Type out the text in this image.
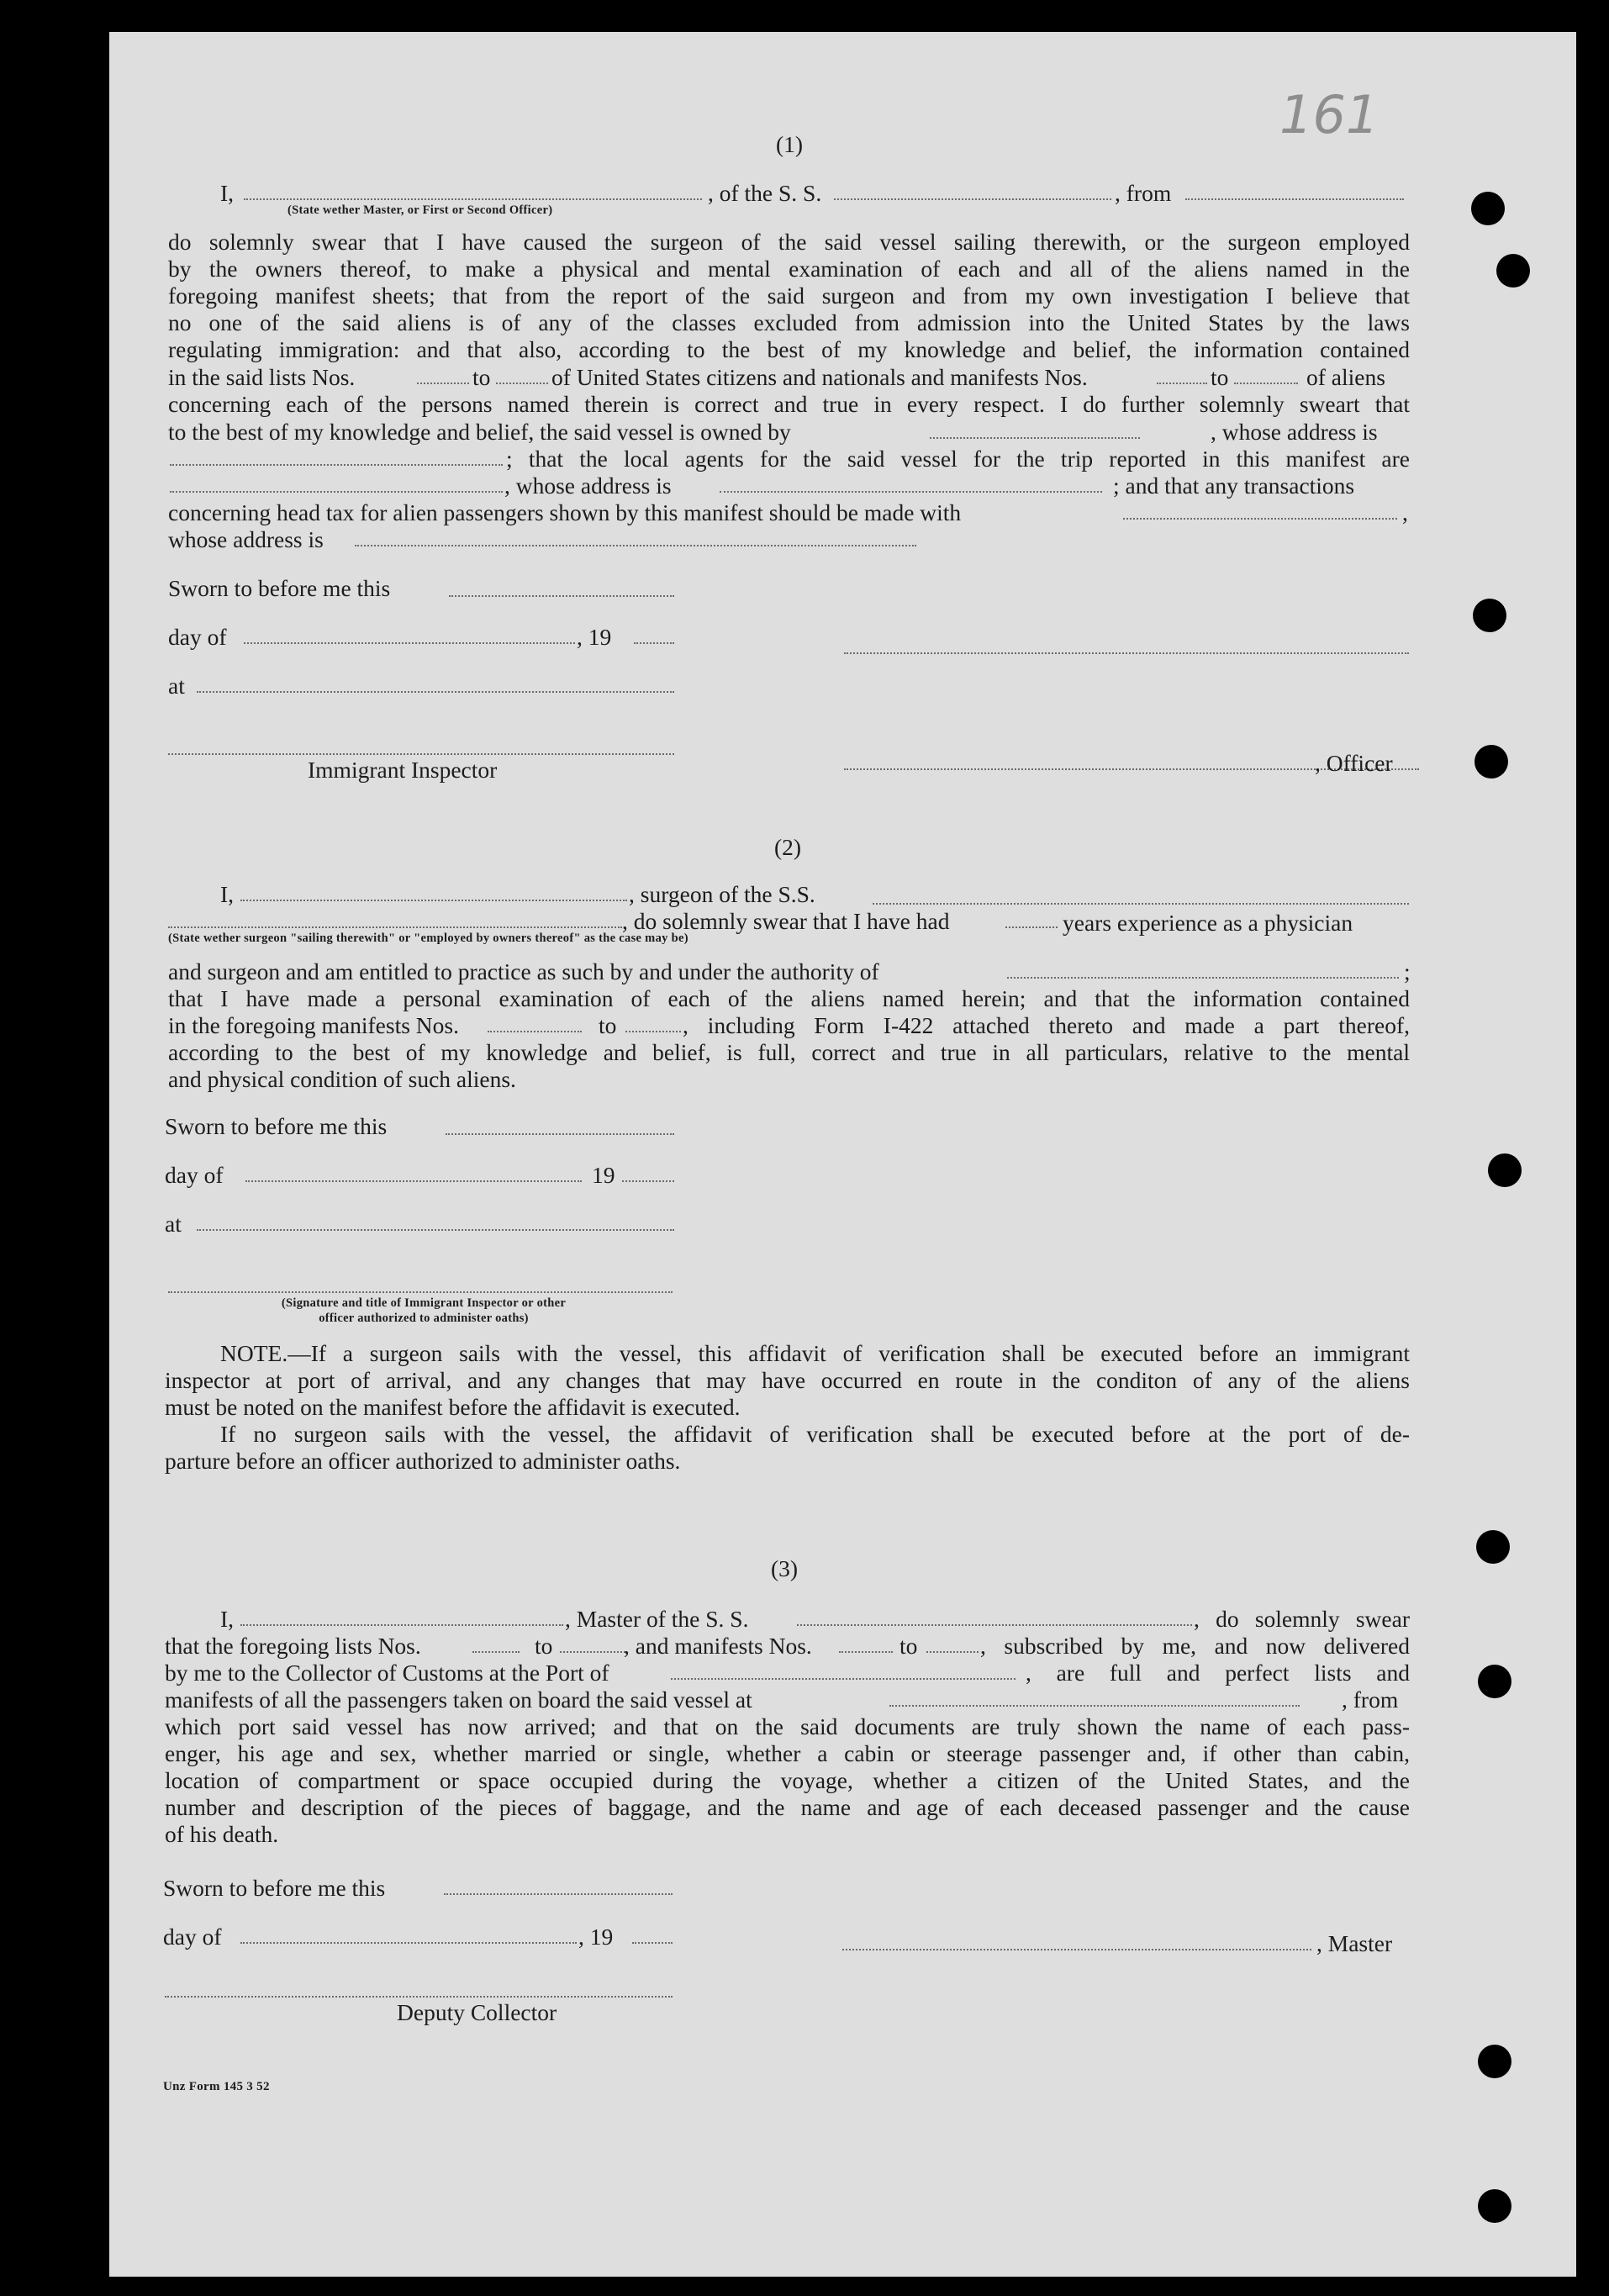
161
(1)
I,	, of the S. S.	, from
(State wether Master, or First or Second Officer)
do solemnly swear that I have caused the surgeon of the said vessel sailing therewith, or the surgeon employed
by the owners thereof, to make a physical and mental examination of each and all of the aliens named in the
foregoing manifest sheets; that from the report of the said surgeon and from my own investigation I believe that
no one of the said aliens is of any of the classes excluded from admission into the United States by the laws
regulating immigration: and that also, according to the best of my knowledge and belief, the information contained
in the said lists Nos.	to	of United States citizens and nationals and manifests Nos.	to	of aliens
concerning each of the persons named therein is correct and true in every respect. I do further solemnly sweart that
to the best of my knowledge and belief, the said vessel is owned by	, whose address is
; that the local agents for the said vessel for the trip reported in this manifest are
, whose address is	; and that any transactions
concerning head tax for alien passengers shown by this manifest should be made with	,
whose address is
Sworn to before me this
day of	, 19
at
Immigrant Inspector	, Officer
(2)
I,	, surgeon of the S.S.
, do solemnly swear that I have had	years experience as a physician
(State wether surgeon "sailing therewith" or "employed by owners thereof" as the case may be)
and surgeon and am entitled to practice as such by and under the authority of	;
that I have made a personal examination of each of the aliens named herein; and that the information contained
in the foregoing manifests Nos.	to	, including Form I-422 attached thereto and made a part thereof,
according to the best of my knowledge and belief, is full, correct and true in all particulars, relative to the mental
and physical condition of such aliens.
Sworn to before me this
day of	19
at
(Signature and title of Immigrant Inspector or other
officer authorized to administer oaths)
NOTE.—If a surgeon sails with the vessel, this affidavit of verification shall be executed before an immigrant
inspector at port of arrival, and any changes that may have occurred en route in the conditon of any of the aliens
must be noted on the manifest before the affidavit is executed.
If no surgeon sails with the vessel, the affidavit of verification shall be executed before at the port of de-
parture before an officer authorized to administer oaths.
(3)
I,	, Master of the S. S.	, do solemnly swear
that the foregoing lists Nos.	to	, and manifests Nos.	to	, subscribed by me, and now delivered
by me to the Collector of Customs at the Port of	, are full and perfect lists and
manifests of all the passengers taken on board the said vessel at	, from
which port said vessel has now arrived; and that on the said documents are truly shown the name of each pass-
enger, his age and sex, whether married or single, whether a cabin or steerage passenger and, if other than cabin,
location of compartment or space occupied during the voyage, whether a citizen of the United States, and the
number and description of the pieces of baggage, and the name and age of each deceased passenger and the cause
of his death.
Sworn to before me this
day of	, 19	, Master
Deputy Collector
Unz Form 145 3 52
